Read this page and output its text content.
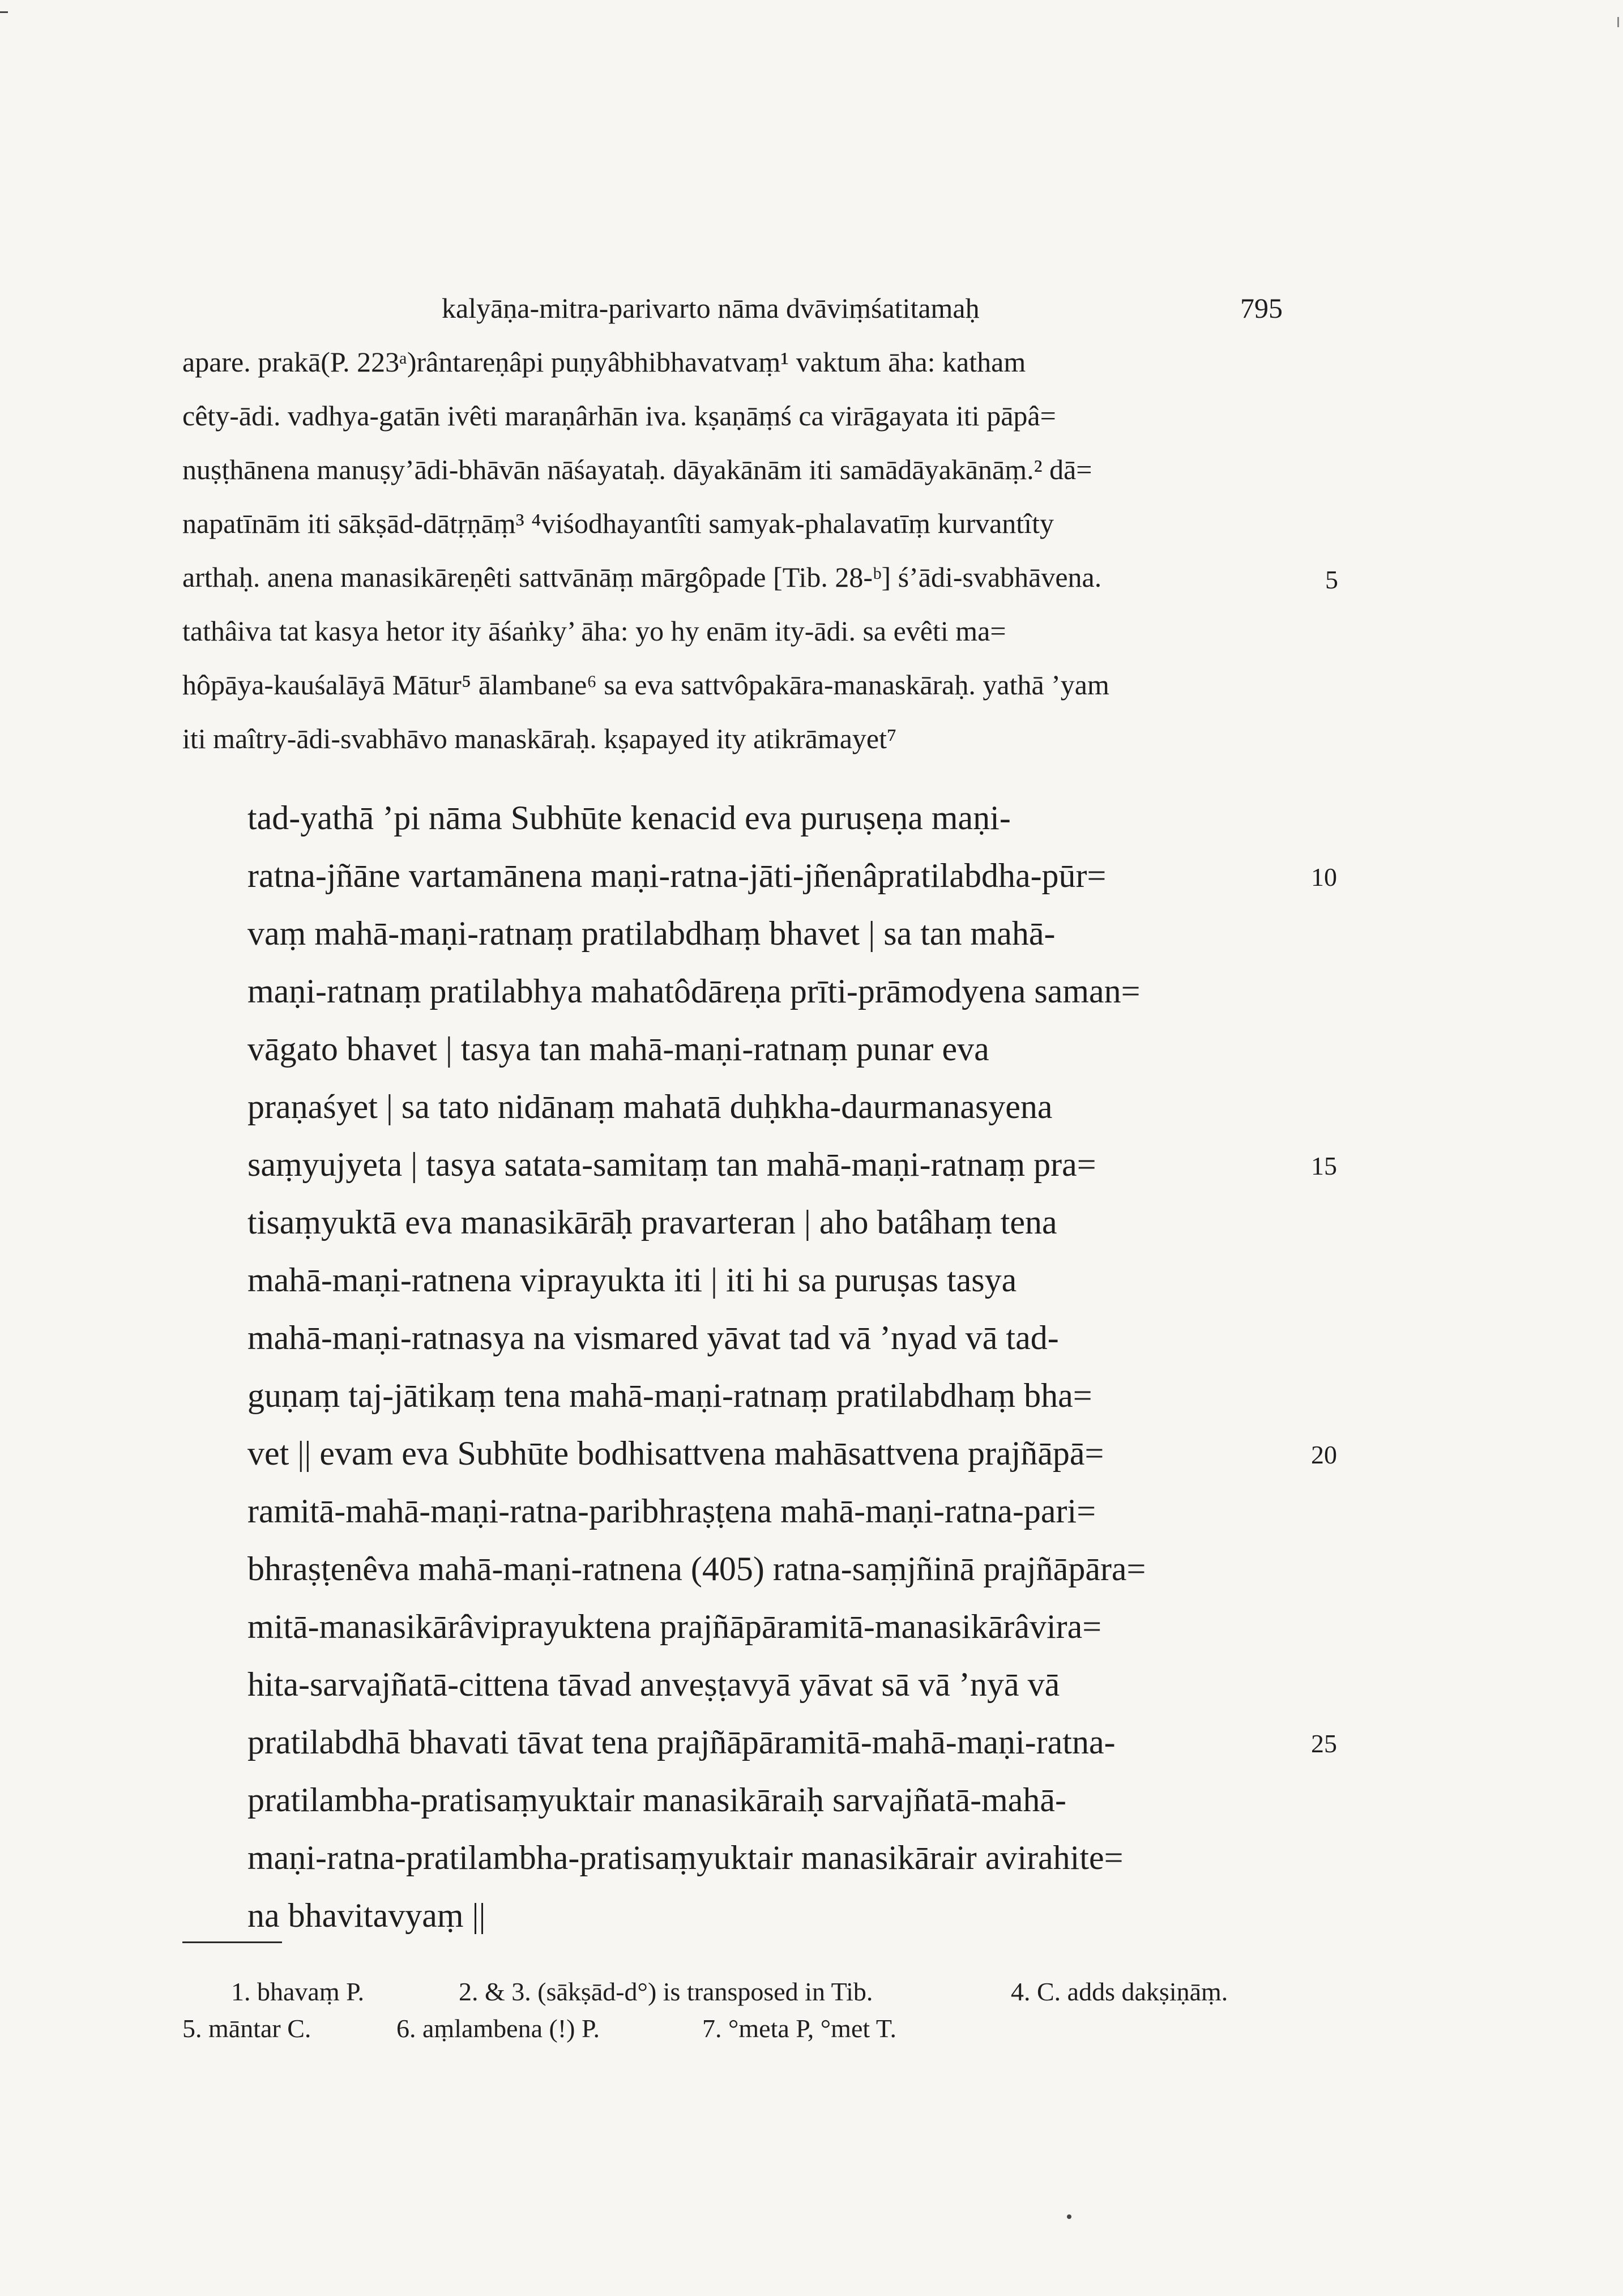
kalyāṇa-mitra-parivarto nāma dvāviṃśatitamaḥ	795
apare. prakā(P. 223ᵃ)rântareṇâpi puṇyâbhibhavatvaṃ¹ vaktum āha: katham
cêty-ādi. vadhya-gatān ivêti maraṇârhān iva. kṣaṇāṃś ca virāgayata iti pāpâ=
nuṣṭhānena manuṣy’ādi-bhāvān nāśayataḥ. dāyakānām iti samādāyakānāṃ.² dā=
napatīnām iti sākṣād-dātṛṇāṃ³ ⁴viśodhayantîti samyak-phalavatīṃ kurvantîty
arthaḥ. anena manasikāreṇêti sattvānāṃ mārgôpade [Tib. 28-ᵇ] ś’ādi-svabhāvena.
tathâiva tat kasya hetor ity āśaṅky’ āha: yo hy enām ity-ādi. sa evêti ma=
hôpāya-kauśalāyā Mātur⁵ ālambane⁶ sa eva sattvôpakāra-manaskāraḥ. yathā ’yam
iti maîtry-ādi-svabhāvo manaskāraḥ. kṣapayed ity atikrāmayet⁷
5
tad-yathā ’pi nāma Subhūte kenacid eva puruṣeṇa maṇi-
ratna-jñāne vartamānena maṇi-ratna-jāti-jñenâpratilabdha-pūr=
vaṃ mahā-maṇi-ratnaṃ pratilabdhaṃ bhavet | sa tan mahā-
maṇi-ratnaṃ pratilabhya mahatôdāreṇa prīti-prāmodyena saman=
vāgato bhavet | tasya tan mahā-maṇi-ratnaṃ punar eva
praṇaśyet | sa tato nidānaṃ mahatā duḥkha-daurmanasyena
saṃyujyeta | tasya satata-samitaṃ tan mahā-maṇi-ratnaṃ pra=
tisaṃyuktā eva manasikārāḥ pravarteran | aho batâhaṃ tena
mahā-maṇi-ratnena viprayukta iti | iti hi sa puruṣas tasya
mahā-maṇi-ratnasya na vismared yāvat tad vā ’nyad vā tad-
guṇaṃ taj-jātikaṃ tena mahā-maṇi-ratnaṃ pratilabdhaṃ bha=
vet || evam eva Subhūte bodhisattvena mahāsattvena prajñāpā=
ramitā-mahā-maṇi-ratna-paribhraṣṭena mahā-maṇi-ratna-pari=
bhraṣṭenêva mahā-maṇi-ratnena (405) ratna-saṃjñinā prajñāpāra=
mitā-manasikārâviprayuktena prajñāpāramitā-manasikārâvira=
hita-sarvajñatā-cittena tāvad anveṣṭavyā yāvat sā vā ’nyā vā
pratilabdhā bhavati tāvat tena prajñāpāramitā-mahā-maṇi-ratna-
pratilambha-pratisaṃyuktair manasikāraiḥ sarvajñatā-mahā-
maṇi-ratna-pratilambha-pratisaṃyuktair manasikārair avirahite=
na bhavitavyaṃ ||
10
15
20
25
1. bhavaṃ P.	2. & 3. (sākṣād-d°) is transposed in Tib.	4. C. adds dakṣiṇāṃ.
5. māntar C.	6. aṃlambena (!) P.	7. °meta P, °met T.
